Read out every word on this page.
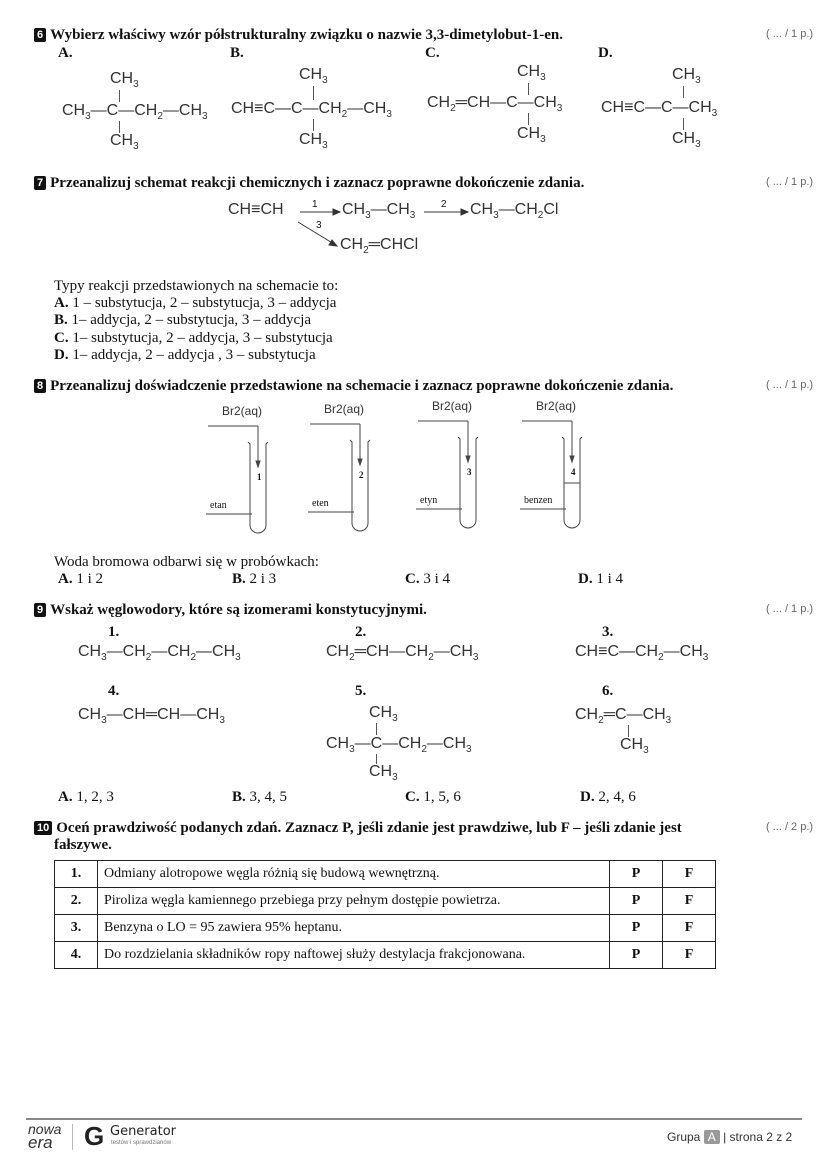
6 Wybierz właściwy wzór półstrukturalny związku o nazwie 3,3-dimetylobut-1-en.	( ... / 1 p.)
A.	B.	C.	D.
$CH_3$
$CH_3—C—CH_2—CH_3$
$CH_3$
$CH_3$
$CH\equiv C—C—CH_2—CH_3$
$CH_3$
$CH_3$
$CH_2═CH—C—CH_3$
$CH_3$
$CH_3$
$CH\equiv C—C—CH_3$
$CH_3$
7 Przeanalizuj schemat reakcji chemicznych i zaznacz poprawne dokończenie zdania.	( ... / 1 p.)
CH≡CH	$CH_3—CH_3$	$CH_3—CH_2Cl$
$CH_2═CHCl$
1	2
3
Typy reakcji przedstawionych na schemacie to:
A. 1 – substytucja, 2 – substytucja, 3 – addycja
B. 1– addycja, 2 – substytucja, 3 – addycja
C. 1– substytucja, 2 – addycja, 3 – substytucja
D. 1– addycja, 2 – addycja , 3 – substytucja
8 Przeanalizuj doświadczenie przedstawione na schemacie i zaznacz poprawne dokończenie zdania.	( ... / 1 p.)
Br2(aq)	Br2(aq)	Br2(aq)	Br2(aq)
1
etan
2
eten
3
etyn
4
benzen
Woda bromowa odbarwi się w probówkach:
A. 1 i 2	B. 2 i 3	C. 3 i 4	D. 1 i 4
9 Wskaż węglowodory, które są izomerami konstytucyjnymi.	( ... / 1 p.)
1.
$CH_3—CH_2—CH_2—CH_3$
2.
$CH_2═CH—CH_2—CH_3$
3.
$CH\equiv C—CH_2—CH_3$
4.
$CH_3—CH═CH—CH_3$
5.
$CH_3$
$CH_3—C—CH_2—CH_3$
$CH_3$
6.
$CH_2═C—CH_3$
$CH_3$
A. 1, 2, 3	B. 3, 4, 5	C. 1, 5, 6	D. 2, 4, 6
10 Oceń prawdziwość podanych zdań. Zaznacz P, jeśli zdanie jest prawdziwe, lub F – jeśli zdanie jest
fałszywe.
( ... / 2 p.)
1.	Odmiany alotropowe węgla różnią się budową wewnętrzną.	P	F
2.	Piroliza węgla kamiennego przebiega przy pełnym dostępie powietrza.	P	F
3.	Benzyna o LO = 95 zawiera 95% heptanu.	P	F
4.	Do rozdzielania składników ropy naftowej służy destylacja frakcjonowana.	P	F
nowa
era	G Generator
testów i sprawdzianów	Grupa A | strona 2 z 2
